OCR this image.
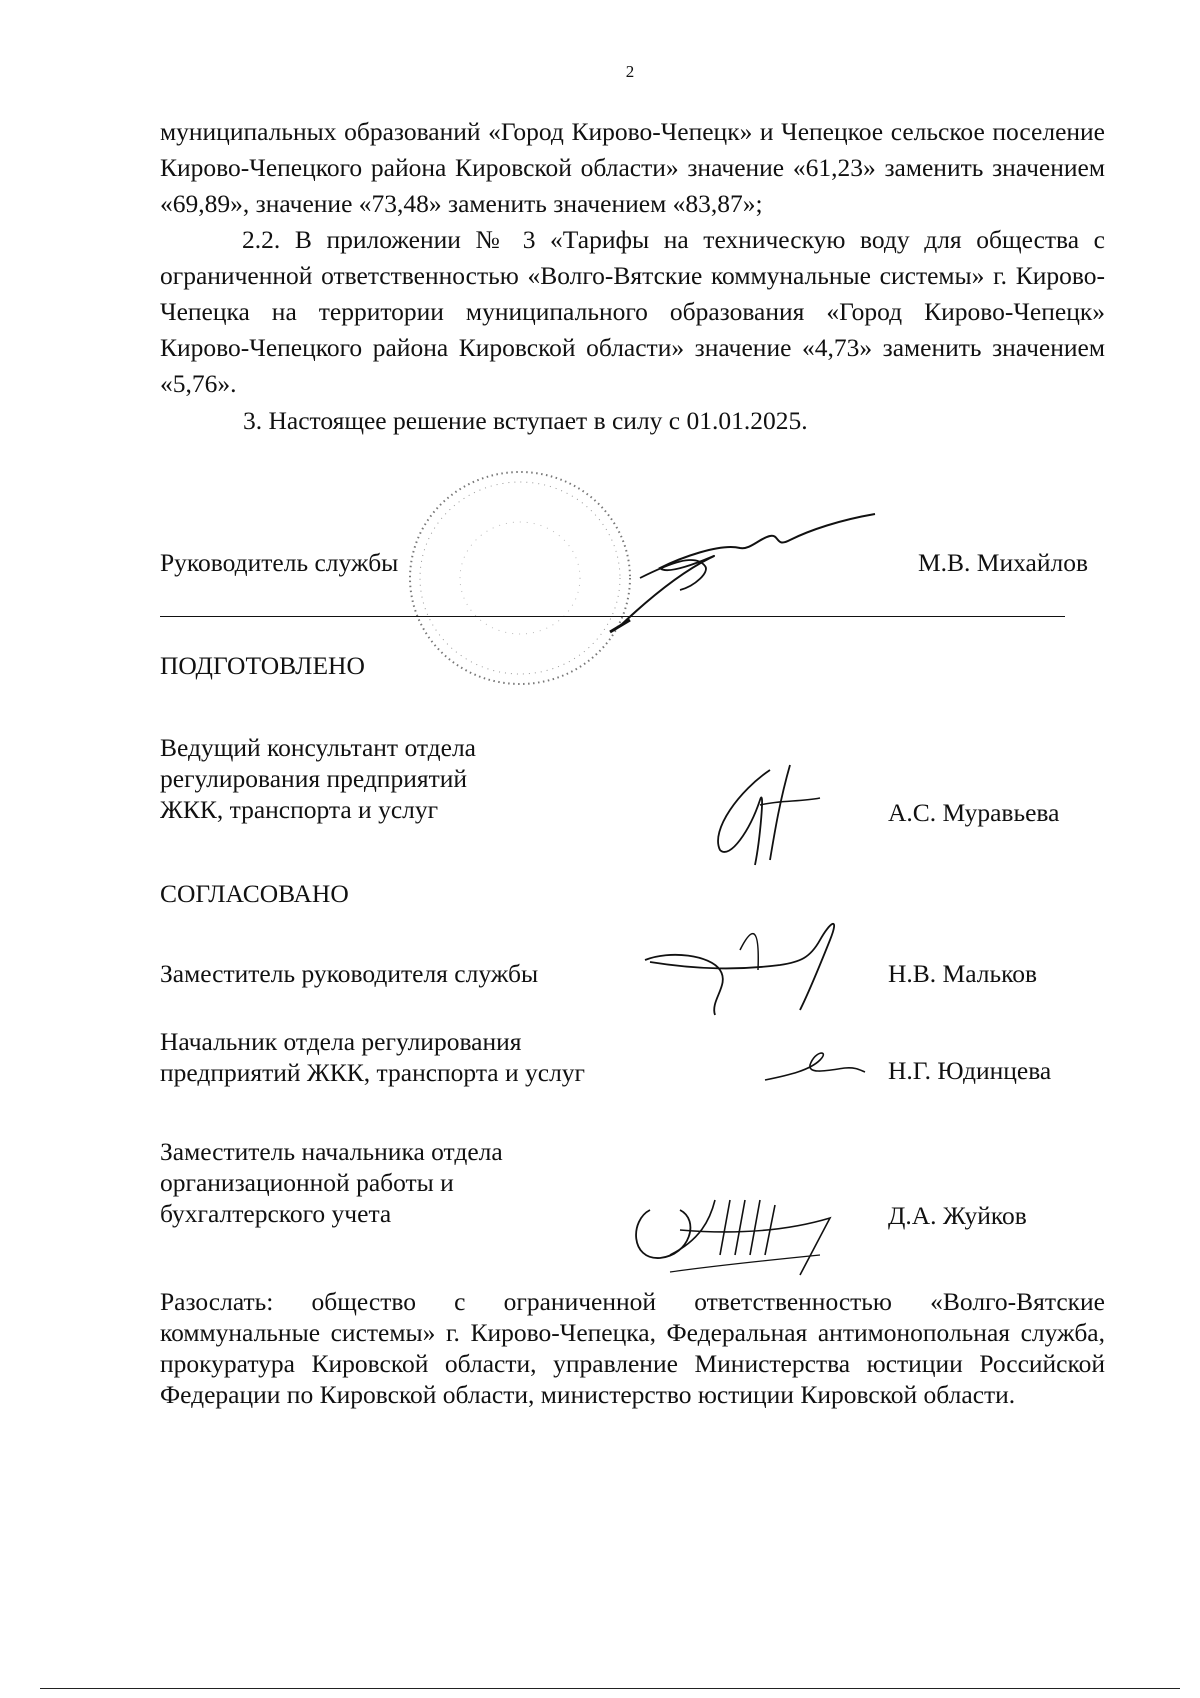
2
муниципальных образований «Город Кирово-Чепецк» и Чепецкое сельское поселение Кирово-Чепецкого района Кировской области» значение «61,23» заменить значением «69,89», значение «73,48» заменить значением «83,87»;
2.2. В приложении № 3 «Тарифы на техническую воду для общества с ограниченной ответственностью «Волго-Вятские коммунальные системы» г. Кирово-Чепецка на территории муниципального образования «Город Кирово-Чепецк» Кирово-Чепецкого района Кировской области» значение «4,73» заменить значением «5,76».
3. Настоящее решение вступает в силу с 01.01.2025.
Руководитель службы	М.В. Михайлов
ПОДГОТОВЛЕНО
Ведущий консультант отдела
регулирования предприятий
ЖКК, транспорта и услуг	А.С. Муравьева
СОГЛАСОВАНО
Заместитель руководителя службы	Н.В. Мальков
Начальник отдела регулирования
предприятий ЖКК, транспорта и услуг	Н.Г. Юдинцева
Заместитель начальника отдела
организационной работы и
бухгалтерского учета	Д.А. Жуйков
Разослать: общество с ограниченной ответственностью «Волго-Вятские коммунальные системы» г. Кирово-Чепецка, Федеральная антимонопольная служба, прокуратура Кировской области, управление Министерства юстиции Российской Федерации по Кировской области, министерство юстиции Кировской области.
